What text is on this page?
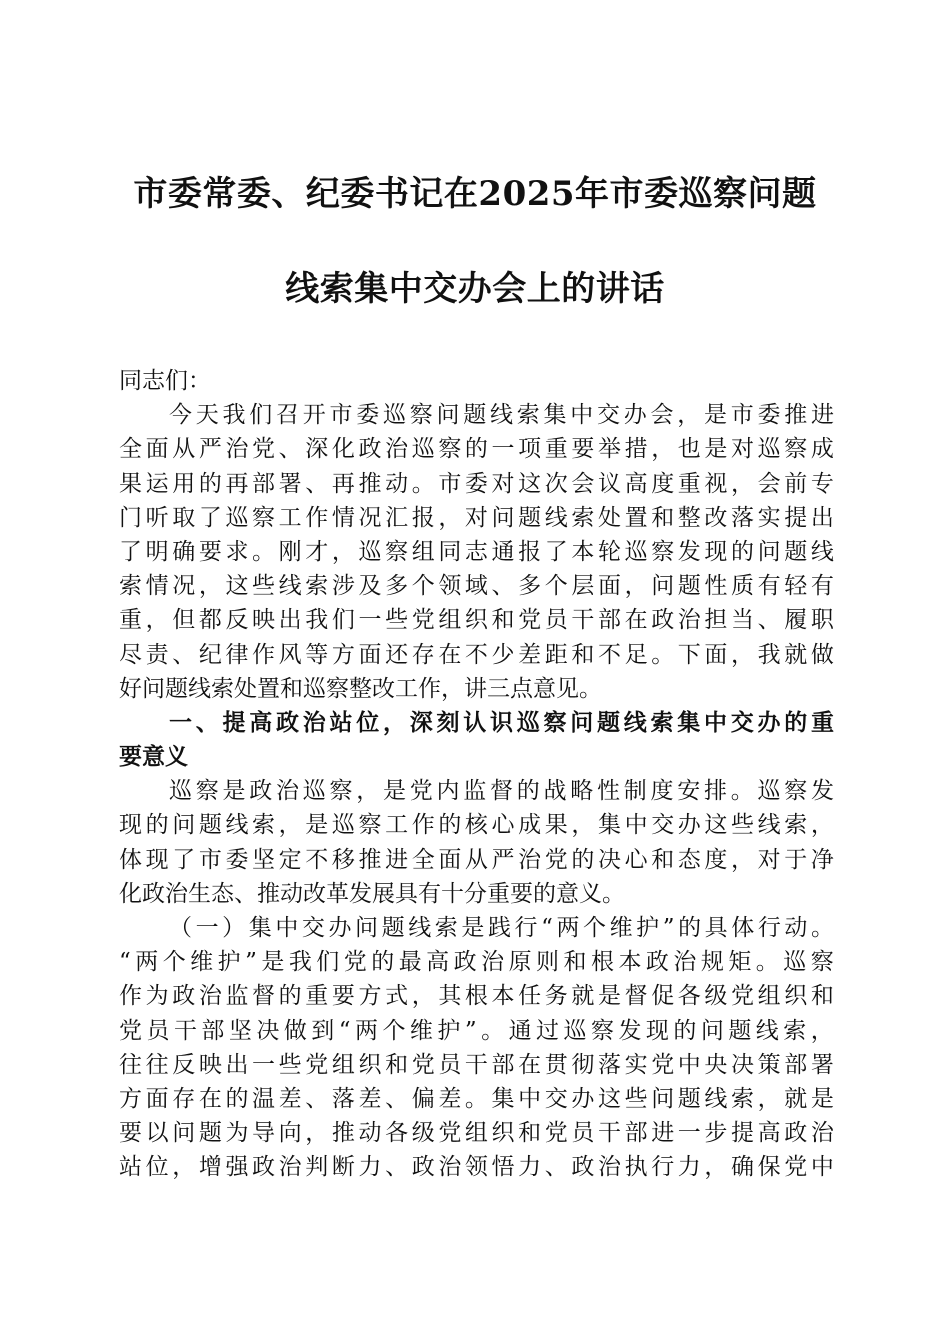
市委常委、纪委书记在2025年市委巡察问题
线索集中交办会上的讲话
同志们：
今 天 我 们 召 开 市 委 巡 察 问 题 线 索 集 中 交 办 会 ， 是 市 委 推 进
全 面 从 严 治 党 、 深 化 政 治 巡 察 的 一 项 重 要 举 措 ， 也 是 对 巡 察 成
果 运 用 的 再 部 署 、 再 推 动 。 市 委 对 这 次 会 议 高 度 重 视 ， 会 前 专
门 听 取 了 巡 察 工 作 情 况 汇 报 ， 对 问 题 线 索 处 置 和 整 改 落 实 提 出
了 明 确 要 求 。 刚 才 ， 巡 察 组 同 志 通 报 了 本 轮 巡 察 发 现 的 问 题 线
索 情 况 ， 这 些 线 索 涉 及 多 个 领 域 、 多 个 层 面 ， 问 题 性 质 有 轻 有
重 ， 但 都 反 映 出 我 们 一 些 党 组 织 和 党 员 干 部 在 政 治 担 当 、 履 职
尽 责 、 纪 律 作 风 等 方 面 还 存 在 不 少 差 距 和 不 足 。 下 面 ， 我 就 做
好问题线索处置和巡察整改工作，讲三点意见。
一 、 提 高 政 治 站 位 ， 深 刻 认 识 巡 察 问 题 线 索 集 中 交 办 的 重
要意义
巡 察 是 政 治 巡 察 ， 是 党 内 监 督 的 战 略 性 制 度 安 排 。 巡 察 发
现 的 问 题 线 索 ， 是 巡 察 工 作 的 核 心 成 果 ， 集 中 交 办 这 些 线 索 ，
体 现 了 市 委 坚 定 不 移 推 进 全 面 从 严 治 党 的 决 心 和 态 度 ， 对 于 净
化政治生态、推动改革发展具有十分重要的意义。
（ 一 ） 集 中 交 办 问 题 线 索 是 践 行 “ 两 个 维 护 ” 的 具 体 行 动 。
“ 两 个 维 护 ” 是 我 们 党 的 最 高 政 治 原 则 和 根 本 政 治 规 矩 。 巡 察
作 为 政 治 监 督 的 重 要 方 式 ， 其 根 本 任 务 就 是 督 促 各 级 党 组 织 和
党 员 干 部 坚 决 做 到 “ 两 个 维 护 ” 。 通 过 巡 察 发 现 的 问 题 线 索 ，
往 往 反 映 出 一 些 党 组 织 和 党 员 干 部 在 贯 彻 落 实 党 中 央 决 策 部 署
方 面 存 在 的 温 差 、 落 差 、 偏 差 。 集 中 交 办 这 些 问 题 线 索 ， 就 是
要 以 问 题 为 导 向 ， 推 动 各 级 党 组 织 和 党 员 干 部 进 一 步 提 高 政 治
站 位 ， 增 强 政 治 判 断 力 、 政 治 领 悟 力 、 政 治 执 行 力 ， 确 保 党 中
